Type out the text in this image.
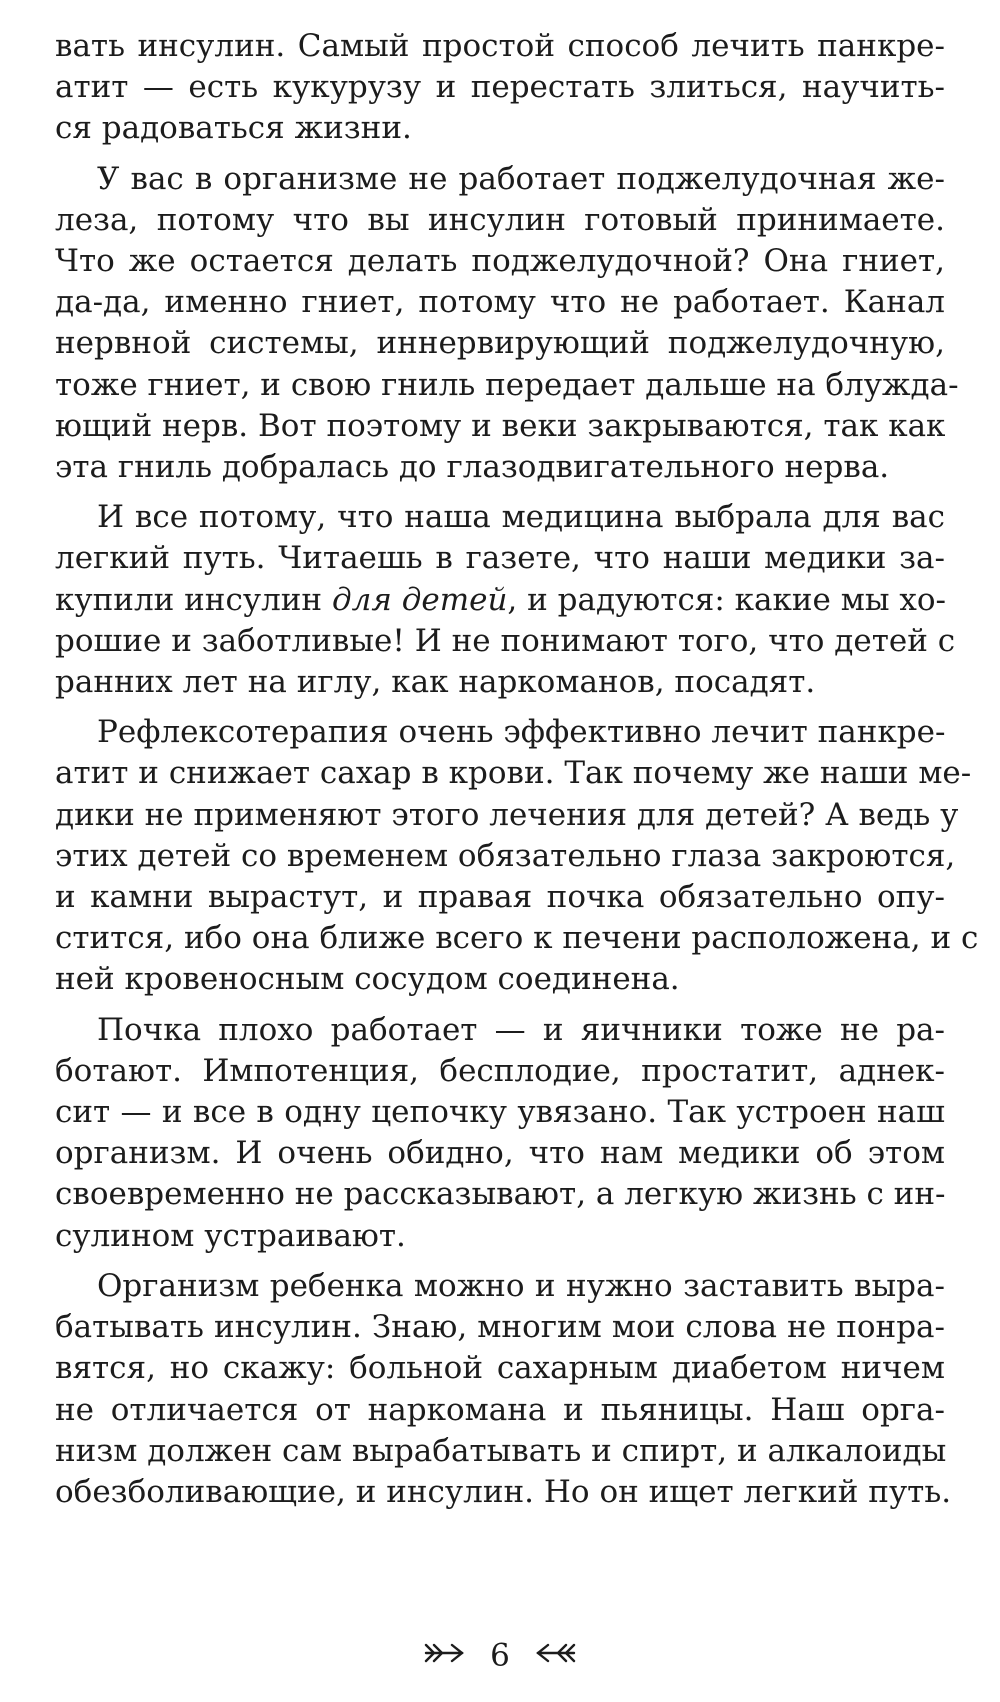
вать инсулин. Самый простой способ лечить панкре-
атит — есть кукурузу и перестать злиться, научить-
ся радоваться жизни.
У вас в организме не работает поджелудочная же-
леза, потому что вы инсулин готовый принимаете.
Что же остается делать поджелудочной? Она гниет,
да-да, именно гниет, потому что не работает. Канал
нервной системы, иннервирующий поджелудочную,
тоже гниет, и свою гниль передает дальше на блужда-
ющий нерв. Вот поэтому и веки закрываются, так как
эта гниль добралась до глазодвигательного нерва.
И все потому, что наша медицина выбрала для вас
легкий путь. Читаешь в газете, что наши медики за-
купили инсулин для детей, и радуются: какие мы хо-
рошие и заботливые! И не понимают того, что детей с
ранних лет на иглу, как наркоманов, посадят.
Рефлексотерапия очень эффективно лечит панкре-
атит и снижает сахар в крови. Так почему же наши ме-
дики не применяют этого лечения для детей? А ведь у
этих детей со временем обязательно глаза закроются,
и камни вырастут, и правая почка обязательно опу-
стится, ибо она ближе всего к печени расположена, и с
ней кровеносным сосудом соединена.
Почка плохо работает — и яичники тоже не ра-
ботают. Импотенция, бесплодие, простатит, аднек-
сит — и все в одну цепочку увязано. Так устроен наш
организм. И очень обидно, что нам медики об этом
своевременно не рассказывают, а легкую жизнь с ин-
сулином устраивают.
Организм ребенка можно и нужно заставить выра-
батывать инсулин. Знаю, многим мои слова не понра-
вятся, но скажу: больной сахарным диабетом ничем
не отличается от наркомана и пьяницы. Наш орга-
низм должен сам вырабатывать и спирт, и алкалоиды
обезболивающие, и инсулин. Но он ищет легкий путь.
6
